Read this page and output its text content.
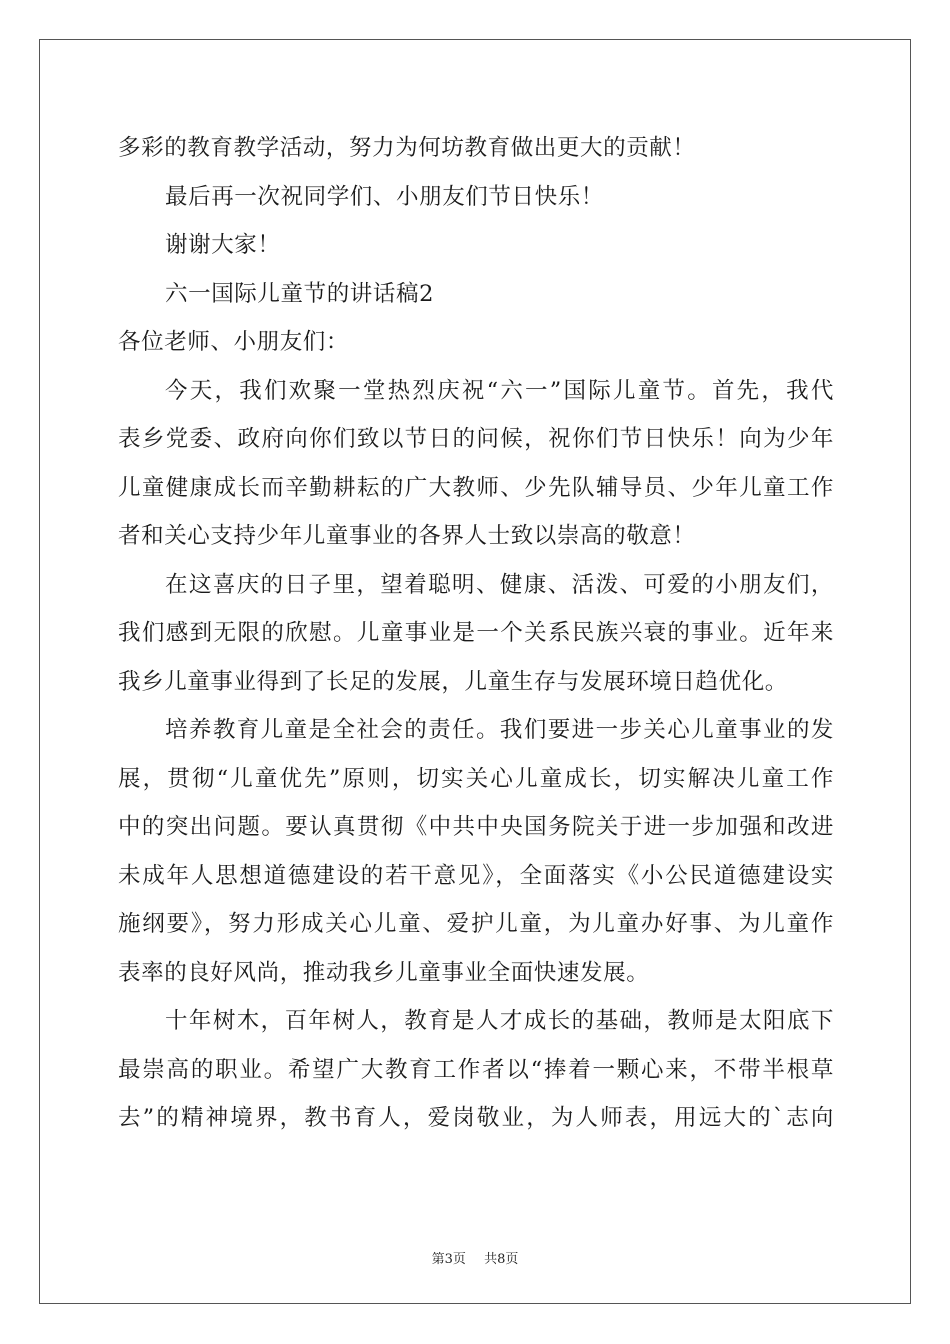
多彩的教育教学活动，努力为何坊教育做出更大的贡献！

最后再一次祝同学们、小朋友们节日快乐！

谢谢大家！

六一国际儿童节的讲话稿2

各位老师、小朋友们：

今天，我们欢聚一堂热烈庆祝“六一”国际儿童节。首先，我代

表乡党委、政府向你们致以节日的问候，祝你们节日快乐！向为少年

儿童健康成长而辛勤耕耘的广大教师、少先队辅导员、少年儿童工作

者和关心支持少年儿童事业的各界人士致以崇高的敬意！

在这喜庆的日子里，望着聪明、健康、活泼、可爱的小朋友们，

我们感到无限的欣慰。儿童事业是一个关系民族兴衰的事业。近年来

我乡儿童事业得到了长足的发展，儿童生存与发展环境日趋优化。

培养教育儿童是全社会的责任。我们要进一步关心儿童事业的发

展，贯彻“儿童优先”原则，切实关心儿童成长，切实解决儿童工作

中的突出问题。要认真贯彻《中共中央国务院关于进一步加强和改进

未成年人思想道德建设的若干意见》，全面落实《小公民道德建设实

施纲要》，努力形成关心儿童、爱护儿童，为儿童办好事、为儿童作

表率的良好风尚，推动我乡儿童事业全面快速发展。

十年树木，百年树人，教育是人才成长的基础，教师是太阳底下

最崇高的职业。希望广大教育工作者以“捧着一颗心来，不带半根草

去”的精神境界，教书育人，爱岗敬业，为人师表，用远大的`志向

第3页 共8页
